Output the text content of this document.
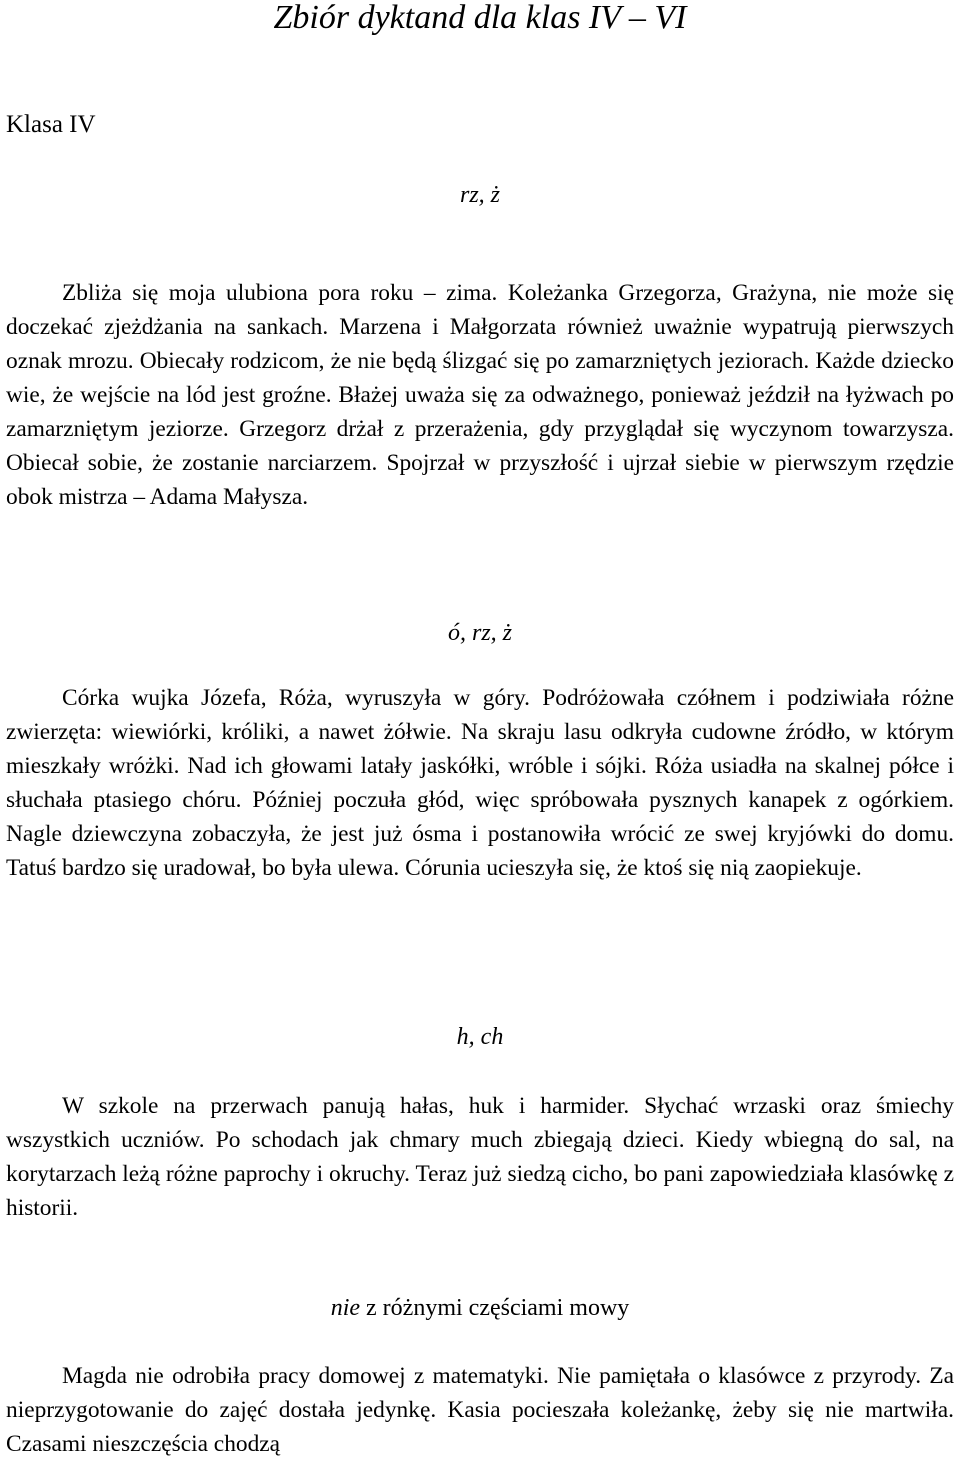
Zbiór dyktand dla klas IV – VI
Klasa IV
rz, ż

Zbliża się moja ulubiona pora roku – zima. Koleżanka Grzegorza, Grażyna, nie może się doczekać zjeżdżania na sankach. Marzena i Małgorzata również uważnie wypatrują pierwszych oznak mrozu. Obiecały rodzicom, że nie będą ślizgać się po zamarzniętych jeziorach. Każde dziecko wie, że wejście na lód jest groźne. Błażej uważa się za odważnego, ponieważ jeździł na łyżwach po zamarzniętym jeziorze. Grzegorz drżał z przerażenia, gdy przyglądał się wyczynom towarzysza. Obiecał sobie, że zostanie narciarzem. Spojrzał w przyszłość i ujrzał siebie w pierwszym rzędzie obok mistrza – Adama Małysza.

ó, rz, ż

Córka wujka Józefa, Róża, wyruszyła w góry. Podróżowała czółnem i podziwiała różne zwierzęta: wiewiórki, króliki, a nawet żółwie. Na skraju lasu odkryła cudowne źródło, w którym mieszkały wróżki. Nad ich głowami latały jaskółki, wróble i sójki. Róża usiadła na skalnej półce i słuchała ptasiego chóru. Później poczuła głód, więc spróbowała pysznych kanapek z ogórkiem. Nagle dziewczyna zobaczyła, że jest już ósma i postanowiła wrócić ze swej kryjówki do domu. Tatuś bardzo się uradował, bo była ulewa. Córunia ucieszyła się, że ktoś się nią zaopiekuje.

h, ch

W szkole na przerwach panują hałas, huk i harmider. Słychać wrzaski oraz śmiechy wszystkich uczniów. Po schodach jak chmary much zbiegają dzieci. Kiedy wbiegną do sal, na korytarzach leżą różne paprochy i okruchy. Teraz już siedzą cicho, bo pani zapowiedziała klasówkę z historii.

nie z różnymi częściami mowy

Magda nie odrobiła pracy domowej z matematyki. Nie pamiętała o klasówce z przyrody. Za nieprzygotowanie do zajęć dostała jedynkę. Kasia pocieszała koleżankę, żeby się nie martwiła. Czasami nieszczęścia chodzą
